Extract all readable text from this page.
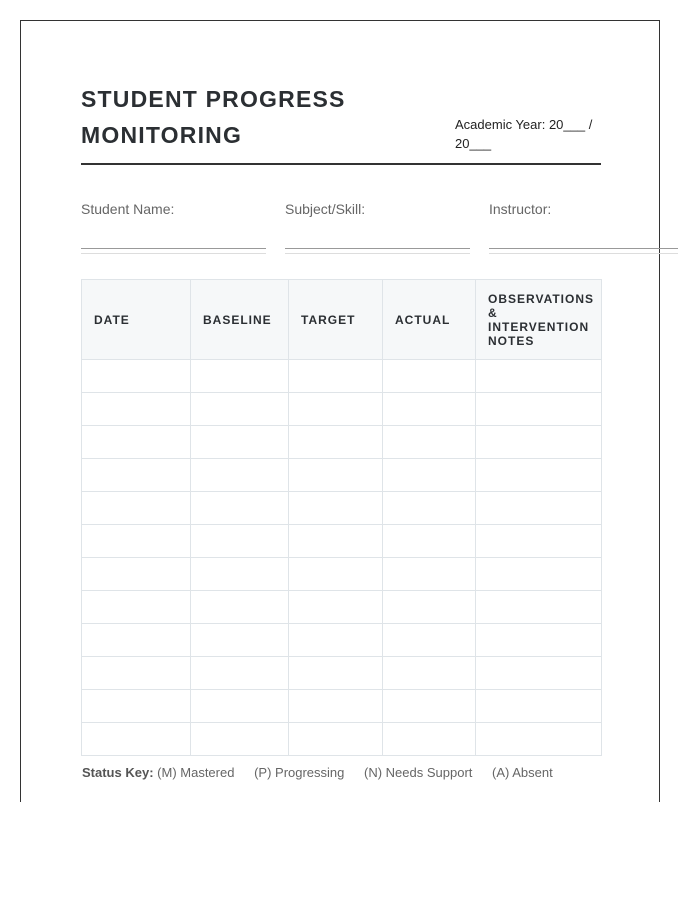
STUDENT PROGRESS
MONITORING	Academic Year: 20___ /
20___
Student Name:	Subject/Skill:	Instructor:
DATE	BASELINE	TARGET	ACTUAL	OBSERVATIONS & INTERVENTION NOTES

Status Key: (M) Mastered (P) Progressing (N) Needs Support (A) Absent
